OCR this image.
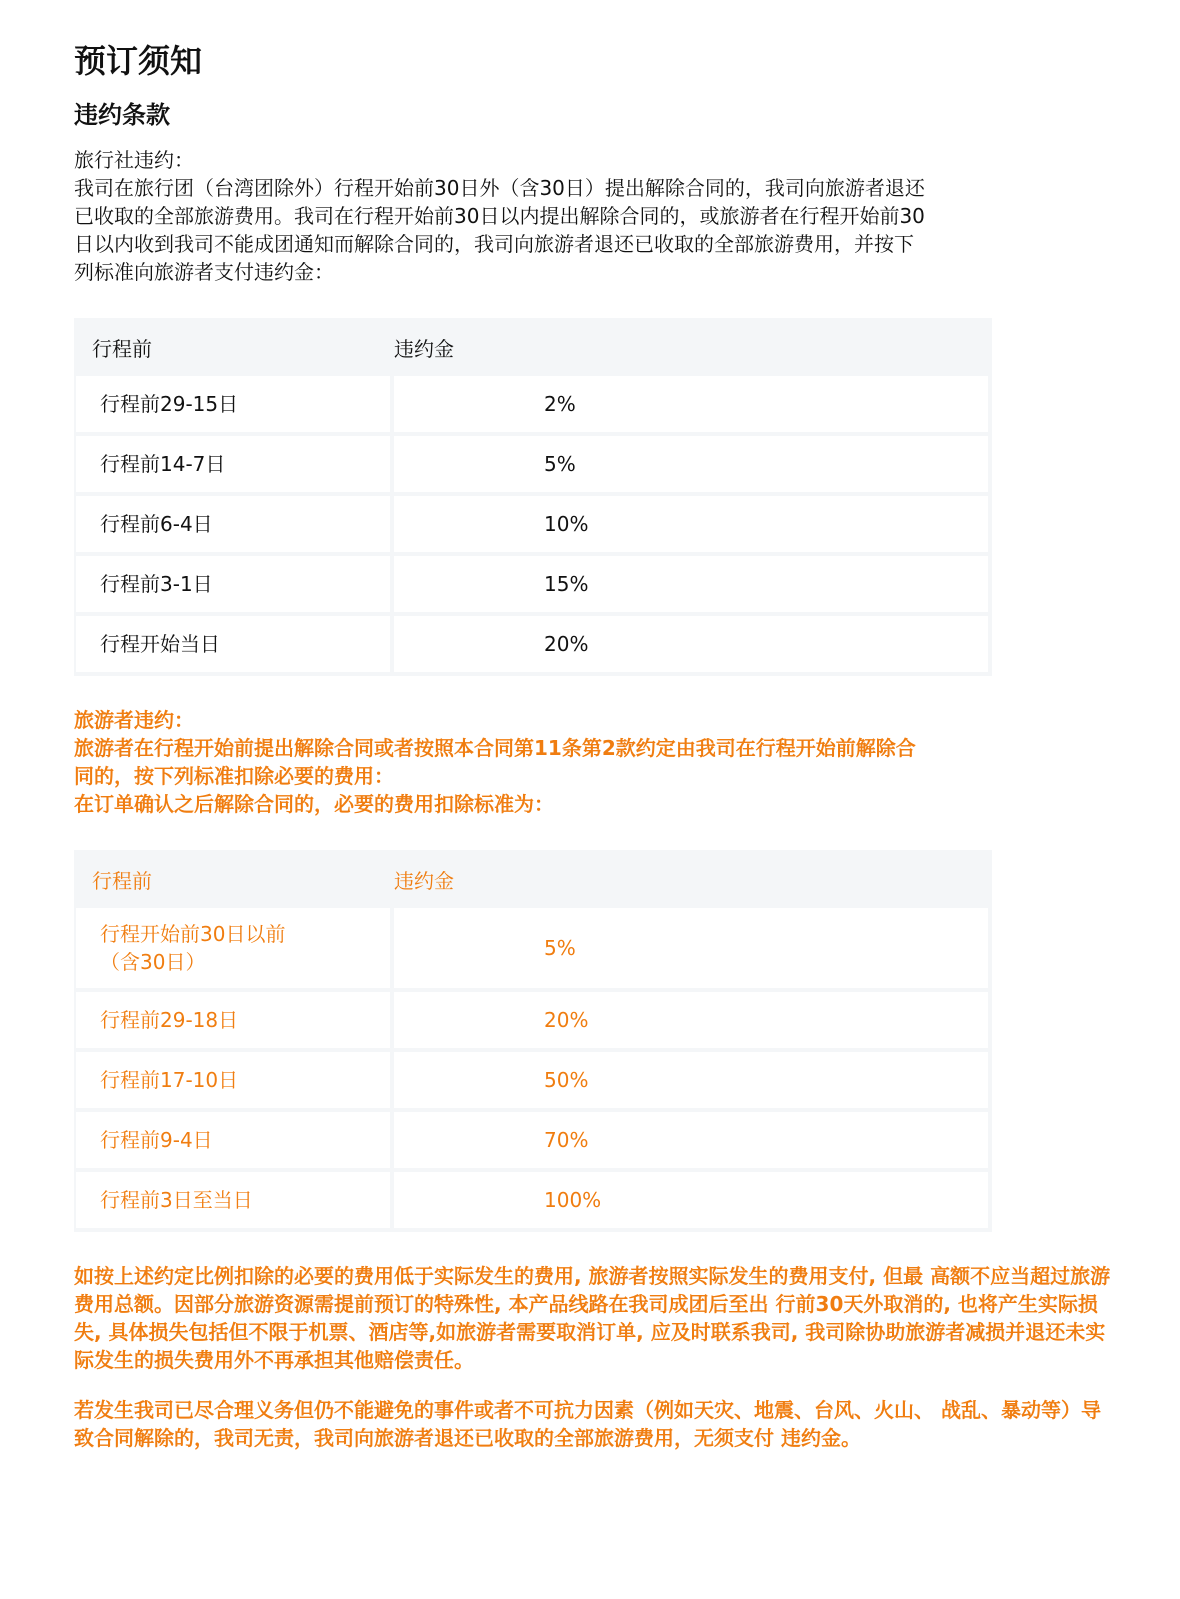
预订须知
违约条款
旅行社违约：
我司在旅行团（台湾团除外）行程开始前30日外（含30日）提出解除合同的，我司向旅游者退还
已收取的全部旅游费用。我司在行程开始前30日以内提出解除合同的，或旅游者在行程开始前30
日以内收到我司不能成团通知而解除合同的，我司向旅游者退还已收取的全部旅游费用，并按下
列标准向旅游者支付违约金：
行程前	违约金
行程前29-15日	2%
行程前14-7日	5%
行程前6-4日	10%
行程前3-1日	15%
行程开始当日	20%
旅游者违约：
旅游者在行程开始前提出解除合同或者按照本合同第11条第2款约定由我司在行程开始前解除合
同的，按下列标准扣除必要的费用：
在订单确认之后解除合同的，必要的费用扣除标准为：
行程前	违约金

行程开始前30日以前
（含30日）	5%
行程前29-18日	20%
行程前17-10日	50%
行程前9-4日	70%
行程前3日至当日	100%
如按上述约定比例扣除的必要的费用低于实际发生的费用, 旅游者按照实际发生的费用支付, 但最 高额不应当超过旅游费用总额。因部分旅游资源需提前预订的特殊性, 本产品线路在我司成团后至出 行前30天外取消的, 也将产生实际损失, 具体损失包括但不限于机票、酒店等,如旅游者需要取消订单, 应及时联系我司, 我司除协助旅游者减损并退还未实际发生的损失费用外不再承担其他赔偿责任。
若发生我司已尽合理义务但仍不能避免的事件或者不可抗力因素（例如天灾、地震、台风、火山、 战乱、暴动等）导致合同解除的，我司无责，我司向旅游者退还已收取的全部旅游费用，无须支付 违约金。
